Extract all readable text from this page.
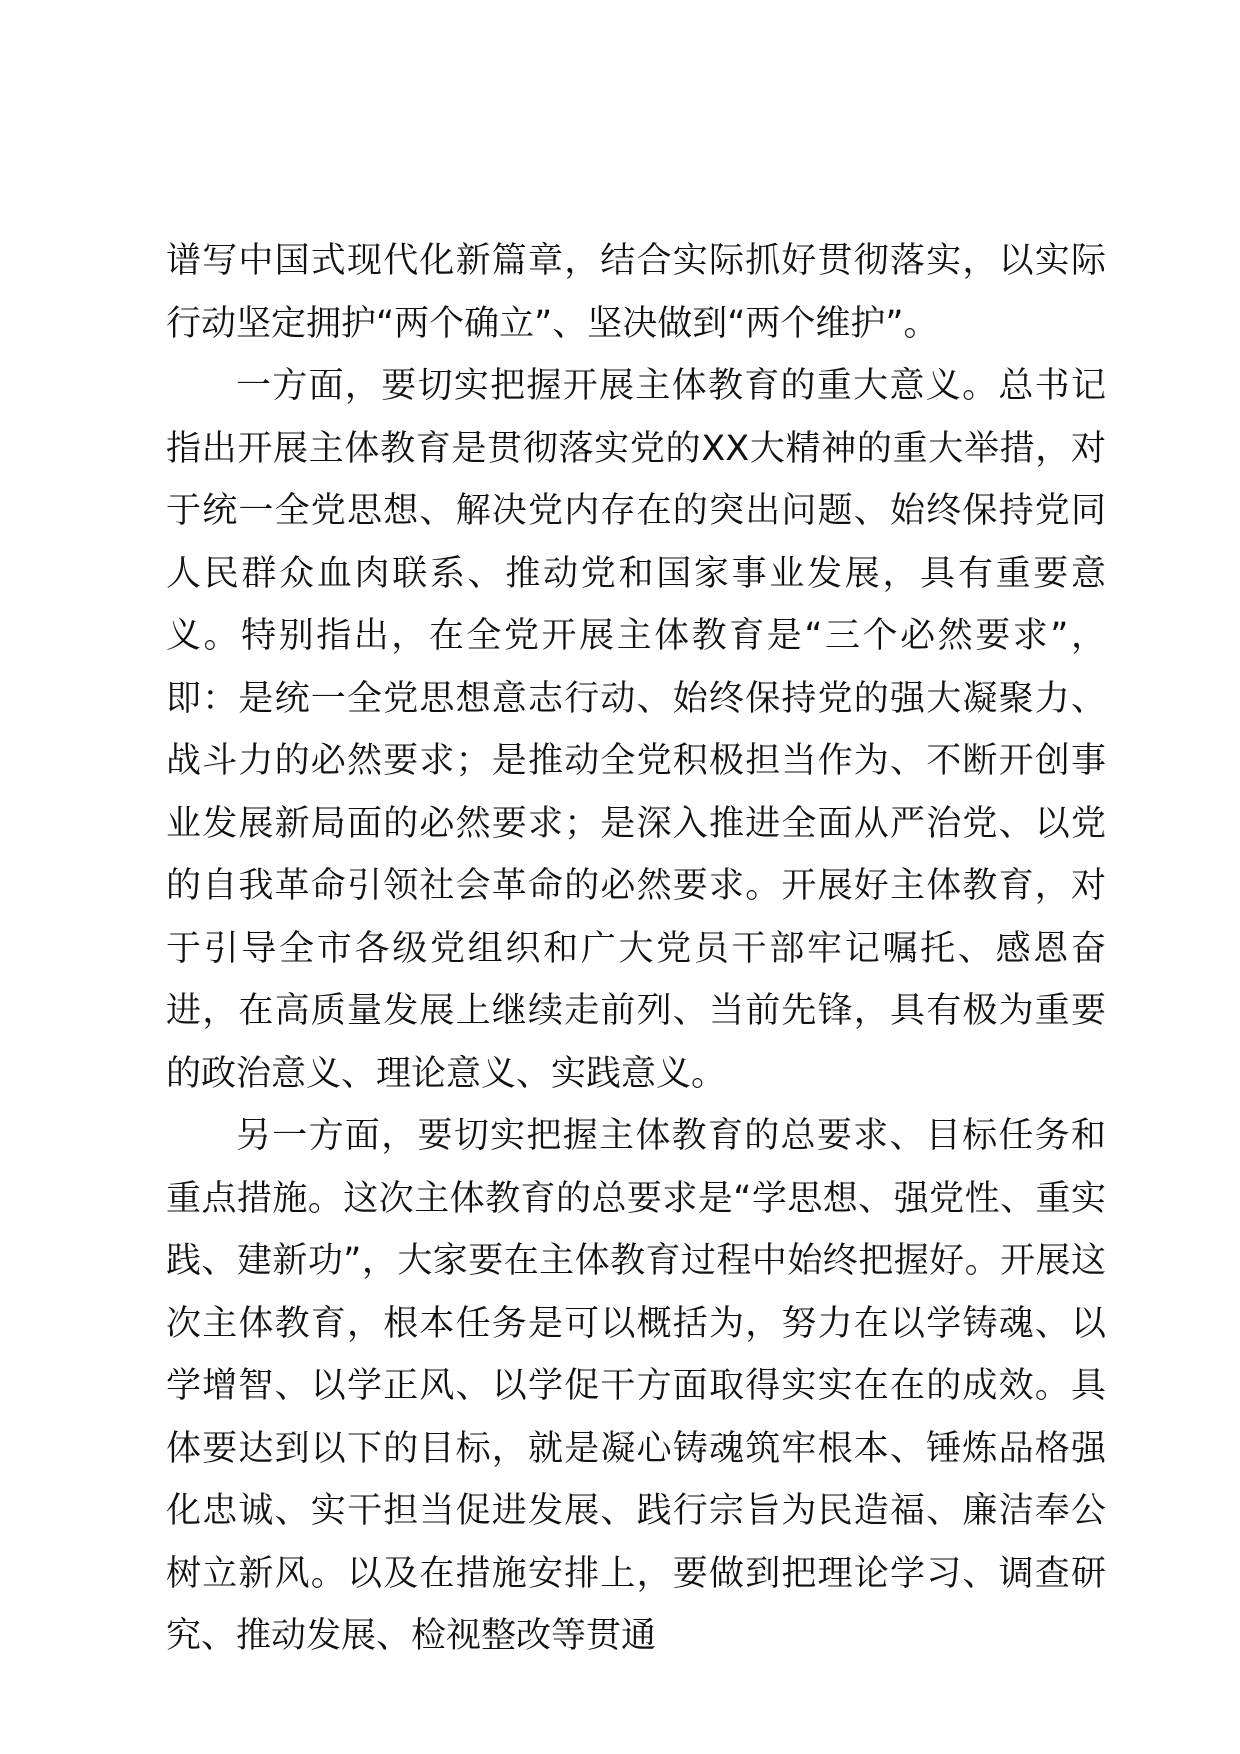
谱写中国式现代化新篇章，结合实际抓好贯彻落实，以实际行动坚定拥护“两个确立”、坚决做到“两个维护”。

一方面，要切实把握开展主体教育的重大意义。总书记指出开展主体教育是贯彻落实党的XX大精神的重大举措，对于统一全党思想、解决党内存在的突出问题、始终保持党同人民群众血肉联系、推动党和国家事业发展，具有重要意义。特别指出，在全党开展主体教育是“三个必然要求”，即：是统一全党思想意志行动、始终保持党的强大凝聚力、战斗力的必然要求；是推动全党积极担当作为、不断开创事业发展新局面的必然要求；是深入推进全面从严治党、以党的自我革命引领社会革命的必然要求。开展好主体教育，对于引导全市各级党组织和广大党员干部牢记嘱托、感恩奋进，在高质量发展上继续走前列、当前先锋，具有极为重要的政治意义、理论意义、实践意义。

另一方面，要切实把握主体教育的总要求、目标任务和重点措施。这次主体教育的总要求是“学思想、强党性、重实践、建新功”，大家要在主体教育过程中始终把握好。开展这次主体教育，根本任务是可以概括为，努力在以学铸魂、以学增智、以学正风、以学促干方面取得实实在在的成效。具体要达到以下的目标，就是凝心铸魂筑牢根本、锤炼品格强化忠诚、实干担当促进发展、践行宗旨为民造福、廉洁奉公树立新风。以及在措施安排上，要做到把理论学习、调查研究、推动发展、检视整改等贯通
